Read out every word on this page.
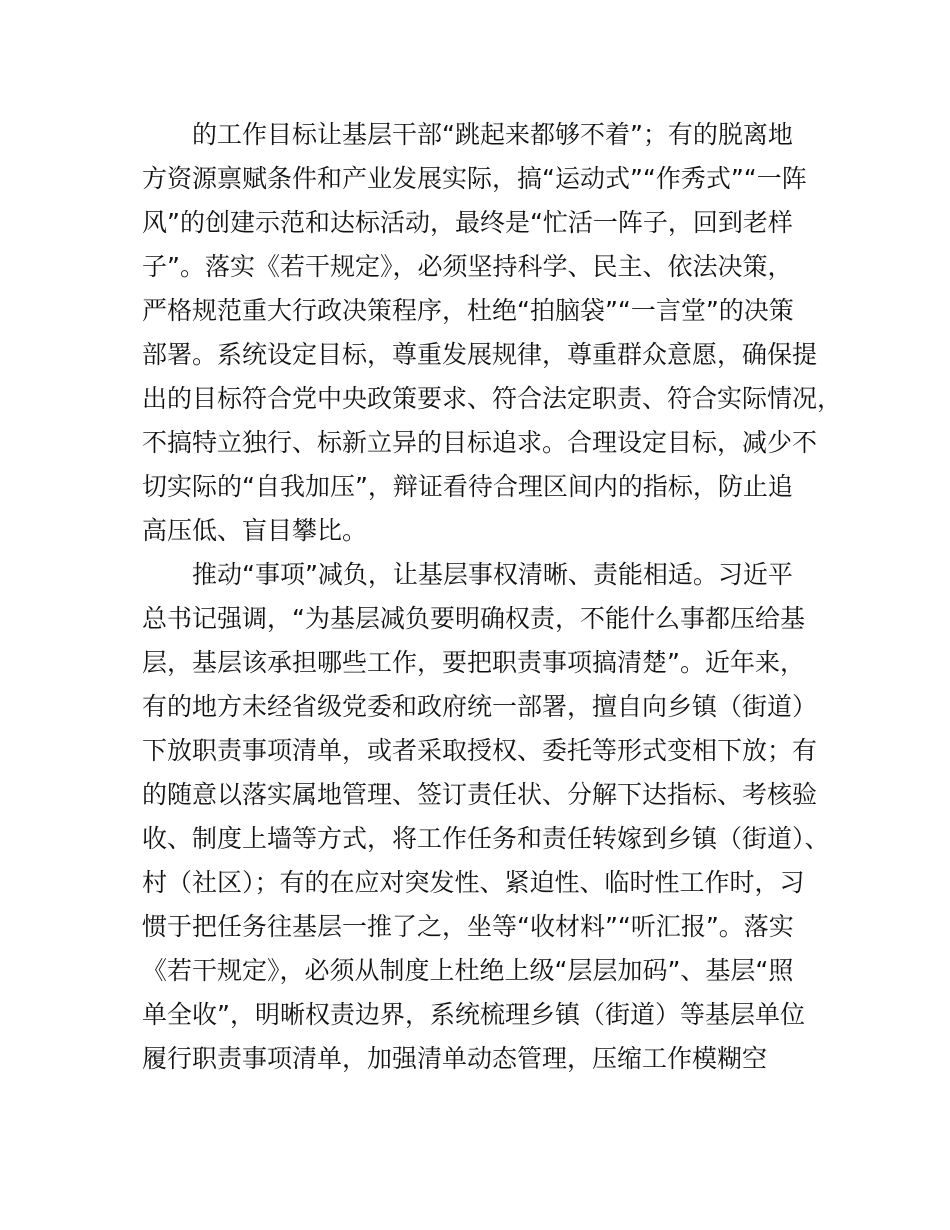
的工作目标让基层干部“跳起来都够不着”；有的脱离地
方资源禀赋条件和产业发展实际，搞“运动式”“作秀式”“一阵
风”的创建示范和达标活动，最终是“忙活一阵子，回到老样
子”。落实《若干规定》，必须坚持科学、民主、依法决策，
严格规范重大行政决策程序，杜绝“拍脑袋”“一言堂”的决策
部署。系统设定目标，尊重发展规律，尊重群众意愿，确保提
出的目标符合党中央政策要求、符合法定职责、符合实际情况，
不搞特立独行、标新立异的目标追求。合理设定目标，减少不
切实际的“自我加压”，辩证看待合理区间内的指标，防止追
高压低、盲目攀比。
推动“事项”减负，让基层事权清晰、责能相适。习近平
总书记强调，“为基层减负要明确权责，不能什么事都压给基
层，基层该承担哪些工作，要把职责事项搞清楚”。近年来，
有的地方未经省级党委和政府统一部署，擅自向乡镇（街道）
下放职责事项清单，或者采取授权、委托等形式变相下放；有
的随意以落实属地管理、签订责任状、分解下达指标、考核验
收、制度上墙等方式，将工作任务和责任转嫁到乡镇（街道）、
村（社区）；有的在应对突发性、紧迫性、临时性工作时，习
惯于把任务往基层一推了之，坐等“收材料”“听汇报”。落实
《若干规定》，必须从制度上杜绝上级“层层加码”、基层“照
单全收”，明晰权责边界，系统梳理乡镇（街道）等基层单位
履行职责事项清单，加强清单动态管理，压缩工作模糊空
